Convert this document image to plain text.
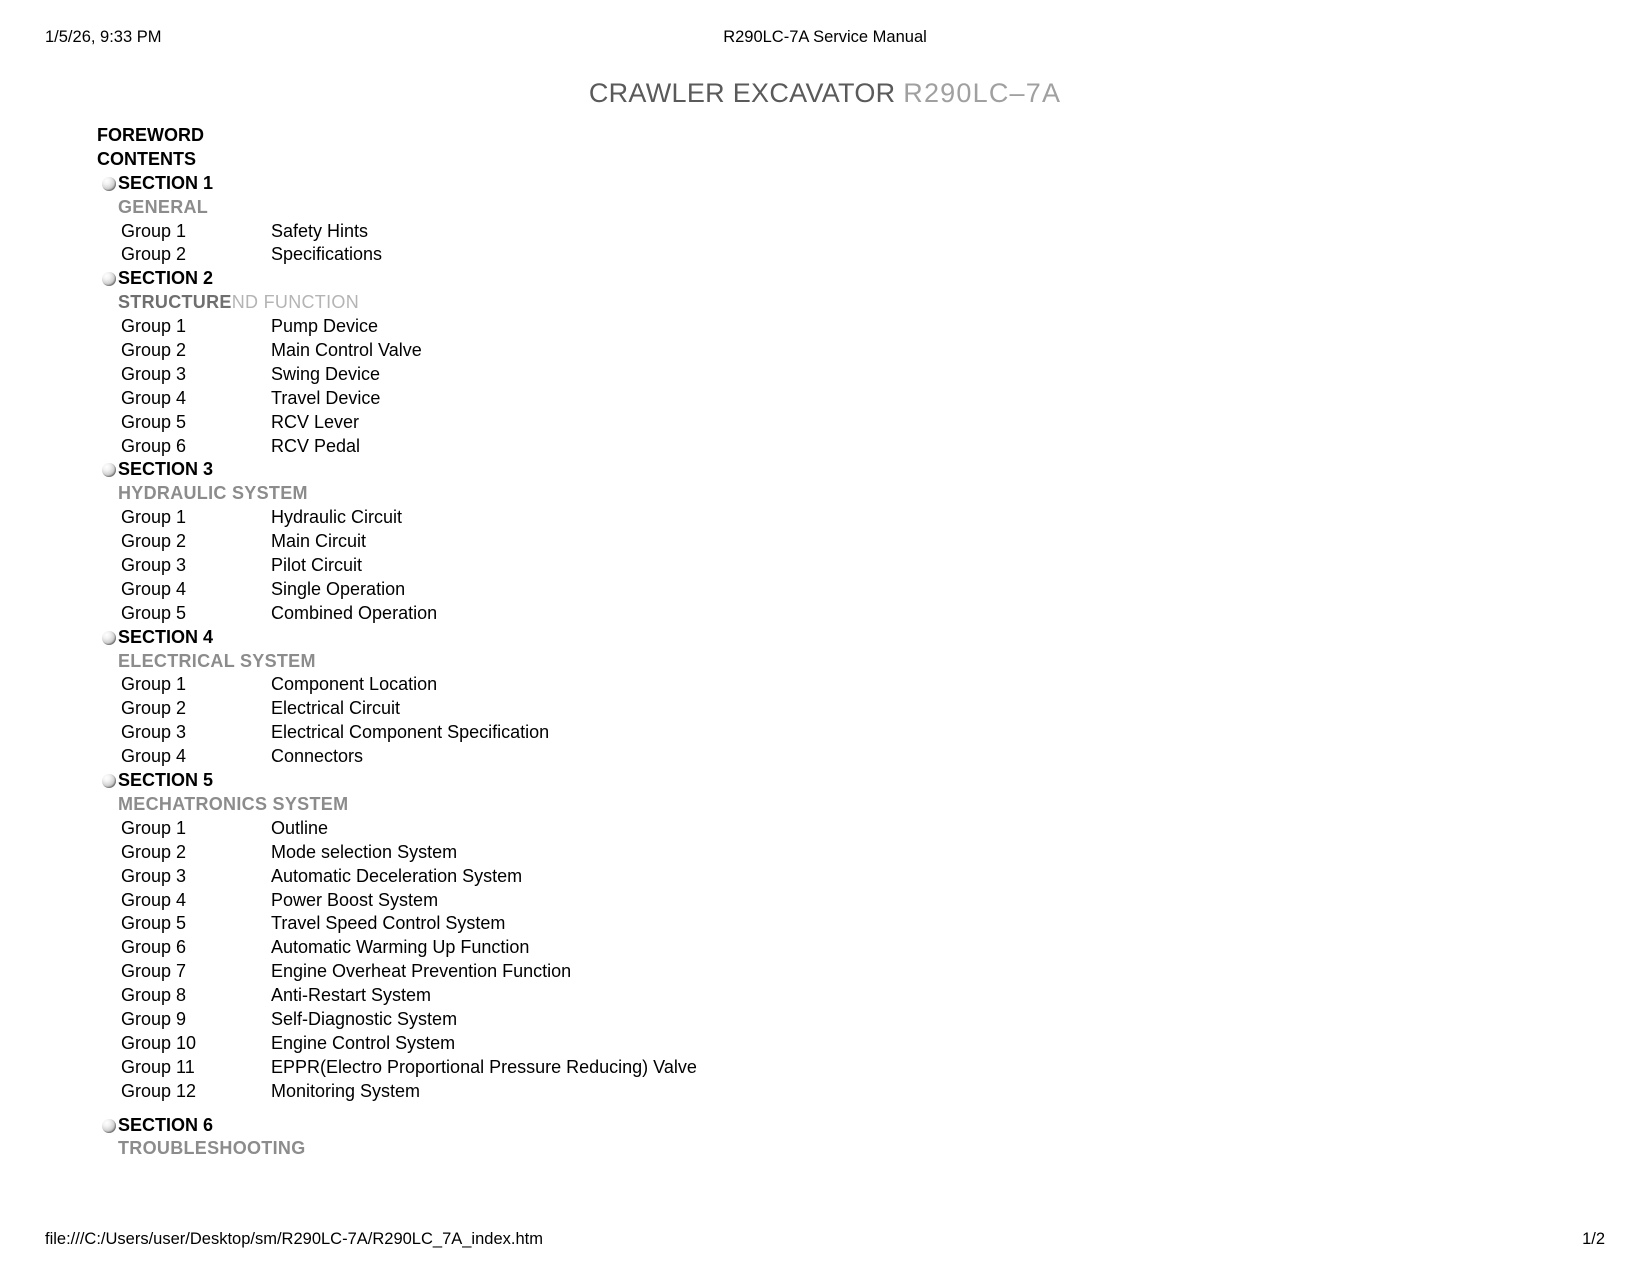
1/5/26, 9:33 PM	R290LC-7A Service Manual
CRAWLER EXCAVATOR R290LC–7A
FOREWORD
CONTENTS
SECTION 1
GENERAL
Group 1	Safety Hints
Group 2	Specifications
SECTION 2
STRUCTUREND FUNCTION
Group 1	Pump Device
Group 2	Main Control Valve
Group 3	Swing Device
Group 4	Travel Device
Group 5	RCV Lever
Group 6	RCV Pedal
SECTION 3
HYDRAULIC SYSTEM
Group 1	Hydraulic Circuit
Group 2	Main Circuit
Group 3	Pilot Circuit
Group 4	Single Operation
Group 5	Combined Operation
SECTION 4
ELECTRICAL SYSTEM
Group 1	Component Location
Group 2	Electrical Circuit
Group 3	Electrical Component Specification
Group 4	Connectors
SECTION 5
MECHATRONICS SYSTEM
Group 1	Outline
Group 2	Mode selection System
Group 3	Automatic Deceleration System
Group 4	Power Boost System
Group 5	Travel Speed Control System
Group 6	Automatic Warming Up Function
Group 7	Engine Overheat Prevention Function
Group 8	Anti-Restart System
Group 9	Self-Diagnostic System
Group 10	Engine Control System
Group 11	EPPR(Electro Proportional Pressure Reducing) Valve
Group 12	Monitoring System
SECTION 6
TROUBLESHOOTING
file:///C:/Users/user/Desktop/sm/R290LC-7A/R290LC_7A_index.htm	1/2
